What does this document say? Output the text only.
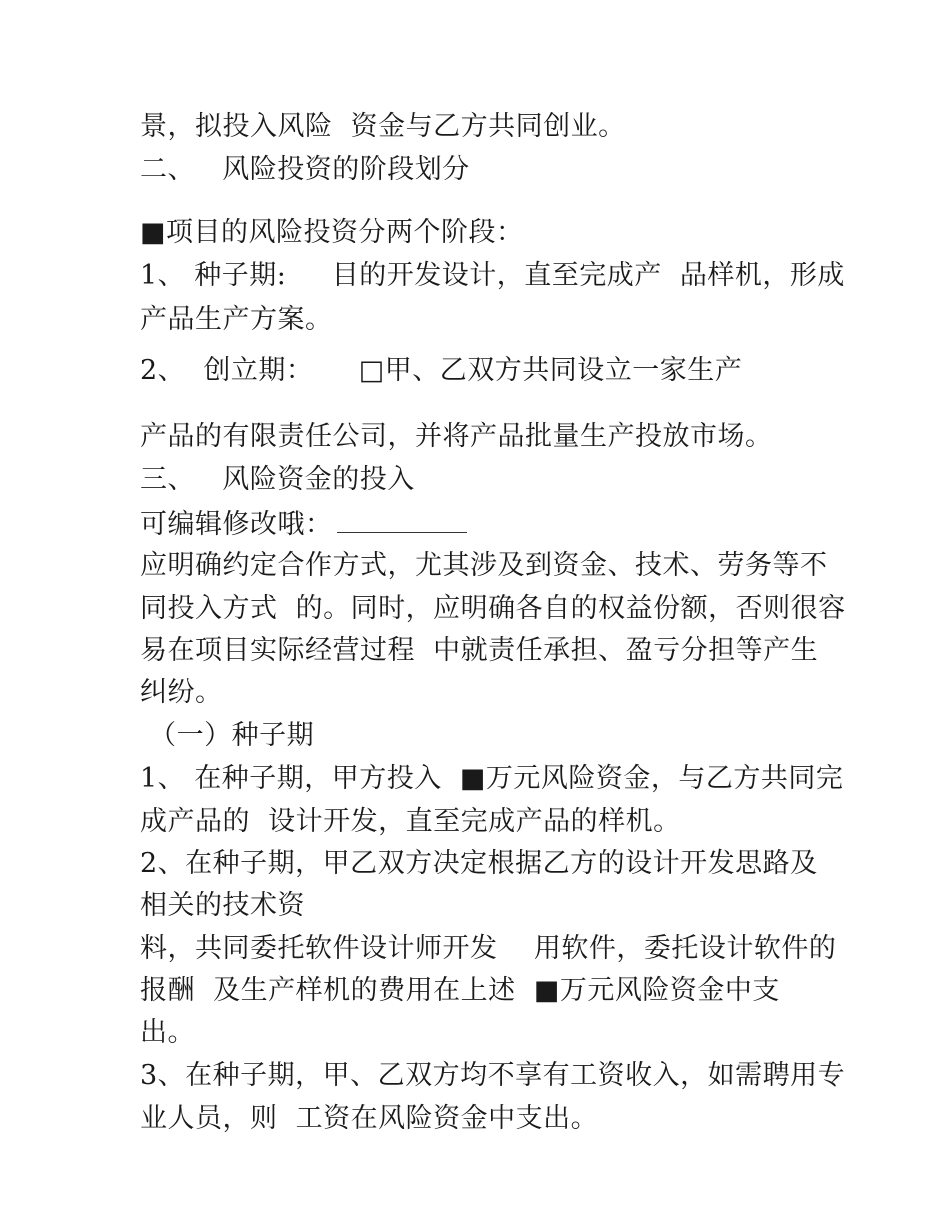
景，拟投入风险  资金与乙方共同创业。
二、   风险投资的阶段划分
■项目的风险投资分两个阶段：
1、 种子期:     目的开发设计，直至完成产  品样机，形成
产品生产方案。
2、  创立期：     □甲、乙双方共同设立一家生产
产品的有限责任公司，并将产品批量生产投放市场。
三、   风险资金的投入
可编辑修改哦：
应明确约定合作方式，尤其涉及到资金、技术、劳务等不
同投入方式  的。同时，应明确各自的权益份额，否则很容
易在项目实际经营过程  中就责任承担、盈亏分担等产生
纠纷。
（一）种子期
1、 在种子期，甲方投入  ■万元风险资金，与乙方共同完
成产品的  设计开发，直至完成产品的样机。
2、在种子期，甲乙双方决定根据乙方的设计开发思路及
相关的技术资
料，共同委托软件设计师开发    用软件，委托设计软件的
报酬  及生产样机的费用在上述  ■万元风险资金中支
出。
3、在种子期，甲、乙双方均不享有工资收入，如需聘用专
业人员，则  工资在风险资金中支出。
